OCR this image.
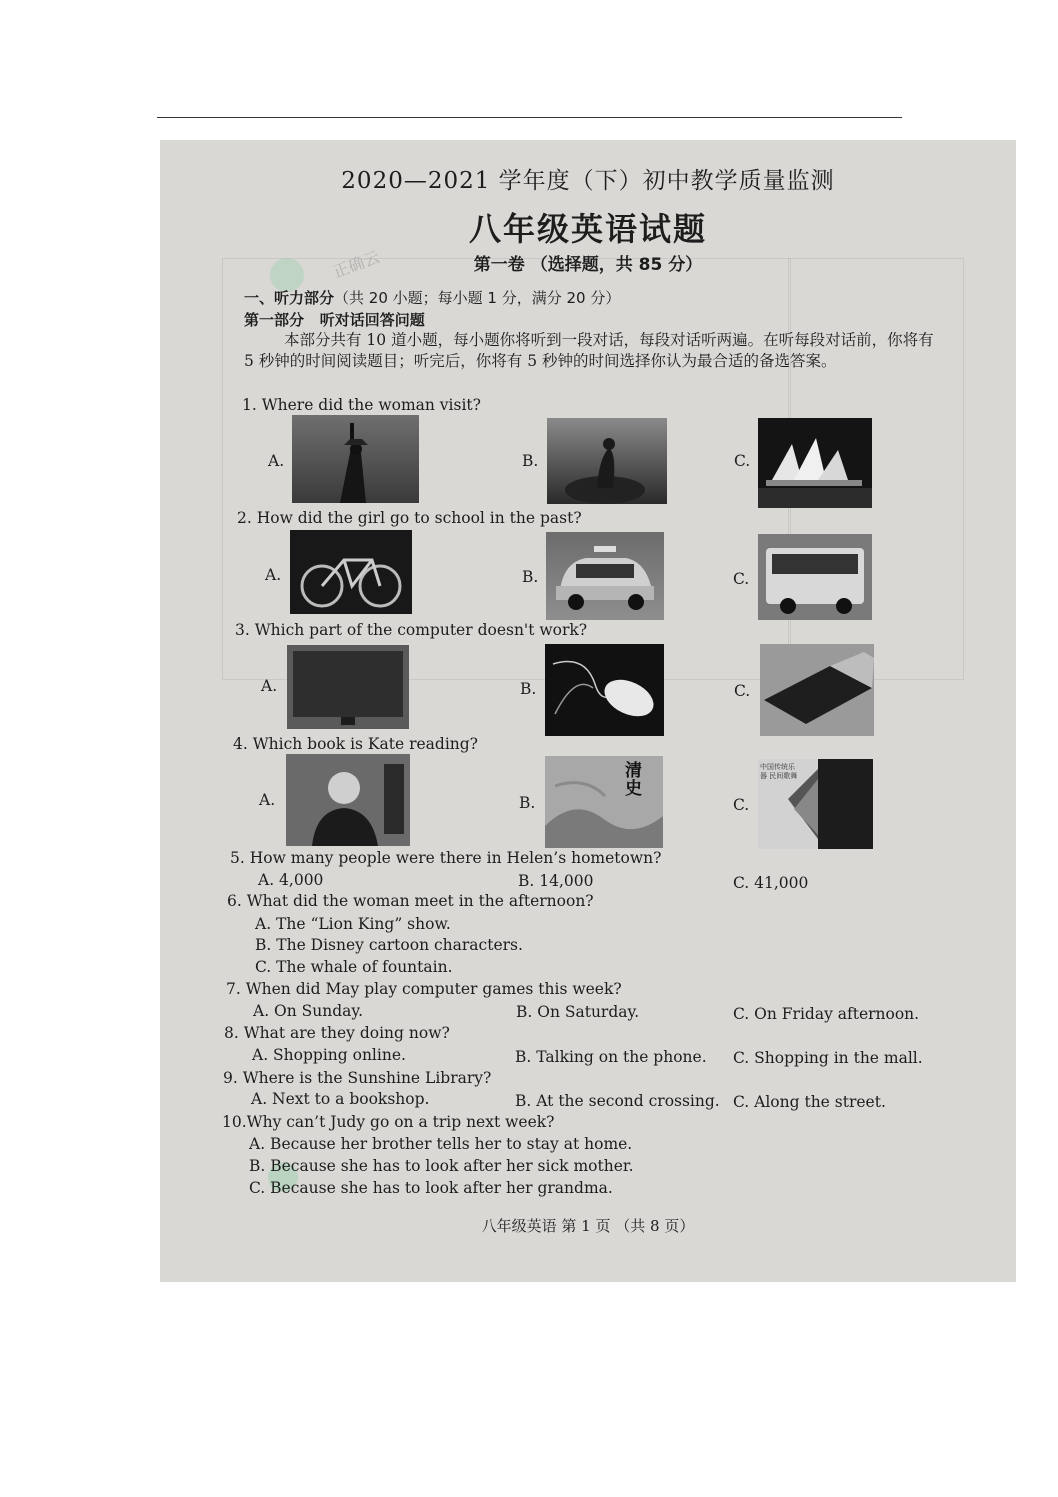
正确云
2020—2021 学年度（下）初中教学质量监测
八年级英语试题
第一卷 （选择题，共 85 分）
一、听力部分（共 20 小题；每小题 1 分，满分 20 分）
第一部分 听对话回答问题
本部分共有 10 道小题，每小题你将听到一段对话，每段对话听两遍。在听每段对话前，你将有 5 秒钟的时间阅读题目；听完后，你将有 5 秒钟的时间选择你认为最合适的备选答案。
1. Where did the woman visit?
A.	B.	C.
2. How did the girl go to school in the past?
A.	B.	C.
3. Which part of the computer doesn't work?
A.	B.	C.
4. Which book is Kate reading?
A.	B.
清史
C.
中国传统乐器 民间歌舞
5. How many people were there in Helen’s hometown?
A. 4,000	B. 14,000	C. 41,000
6. What did the woman meet in the afternoon?
A. The “Lion King” show.
B. The Disney cartoon characters.
C. The whale of fountain.
7. When did May play computer games this week?
A. On Sunday.	B. On Saturday.	C. On Friday afternoon.
8. What are they doing now?
A. Shopping online.	B. Talking on the phone. C. Shopping in the mall.
9. Where is the Sunshine Library?
A. Next to a bookshop.	B. At the second crossing. C. Along the street.
10.Why can’t Judy go on a trip next week?
A. Because her brother tells her to stay at home.
B. Because she has to look after her sick mother.
C. Because she has to look after her grandma.
八年级英语 第 1 页 （共 8 页）
